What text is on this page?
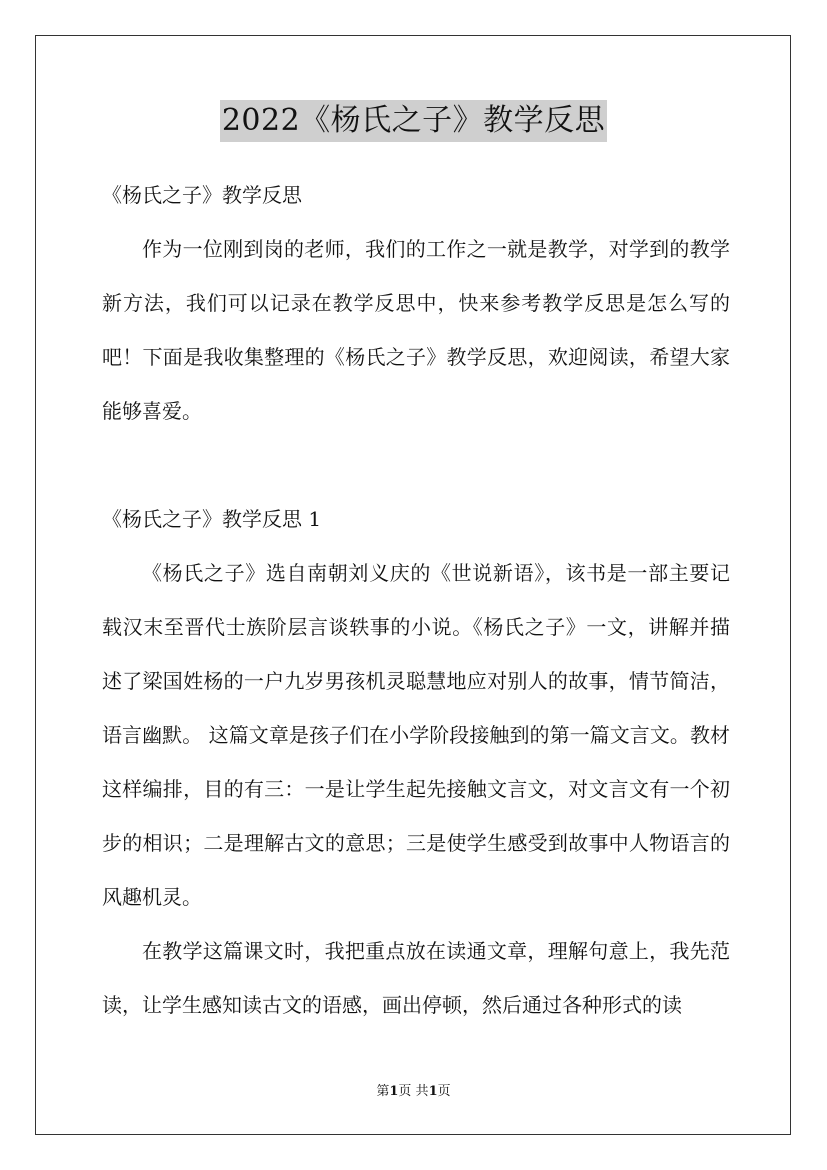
2022《杨氏之子》教学反思

《杨氏之子》教学反思

作为一位刚到岗的老师，我们的工作之一就是教学，对学到的教学新方法，我们可以记录在教学反思中，快来参考教学反思是怎么写的吧！下面是我收集整理的《杨氏之子》教学反思，欢迎阅读，希望大家能够喜爱。

《杨氏之子》教学反思 1

《杨氏之子》选自南朝刘义庆的《世说新语》，该书是一部主要记载汉末至晋代士族阶层言谈轶事的小说。《杨氏之子》一文，讲解并描述了梁国姓杨的一户九岁男孩机灵聪慧地应对别人的故事，情节简洁，语言幽默。 这篇文章是孩子们在小学阶段接触到的第一篇文言文。教材这样编排，目的有三：一是让学生起先接触文言文，对文言文有一个初步的相识；二是理解古文的意思；三是使学生感受到故事中人物语言的风趣机灵。

在教学这篇课文时，我把重点放在读通文章，理解句意上，我先范读，让学生感知读古文的语感，画出停顿，然后通过各种形式的读

第1页 共1页
